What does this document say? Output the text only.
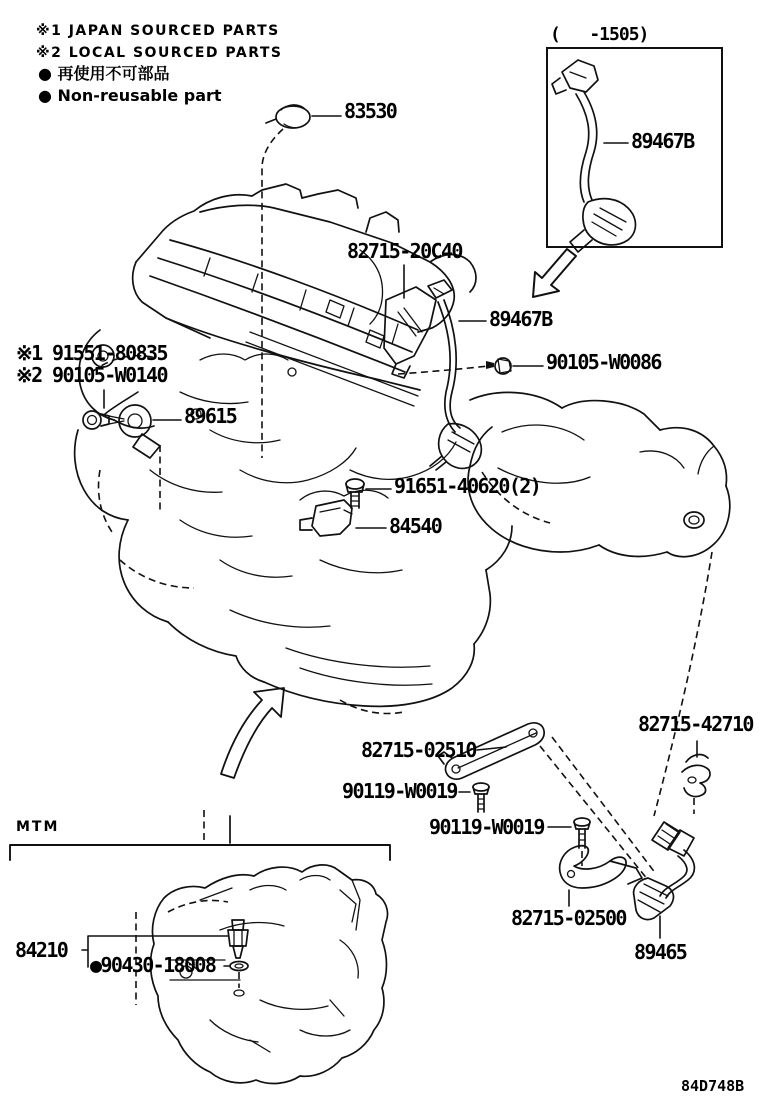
※1 JAPAN SOURCED PARTS
※2 LOCAL SOURCED PARTS
● 再使用不可部品
● Non-reusable part
(   -1505)
89467B
83530
82715-20C40
89467B
90105-W0086
※1 91551-80835
※2 90105-W0140
89615
91651-40620(2)
84540
82715-42710
82715-02510
90119-W0019
90119-W0019
82715-02500
89465
MTM
84210
●90430-18008
84D748B
